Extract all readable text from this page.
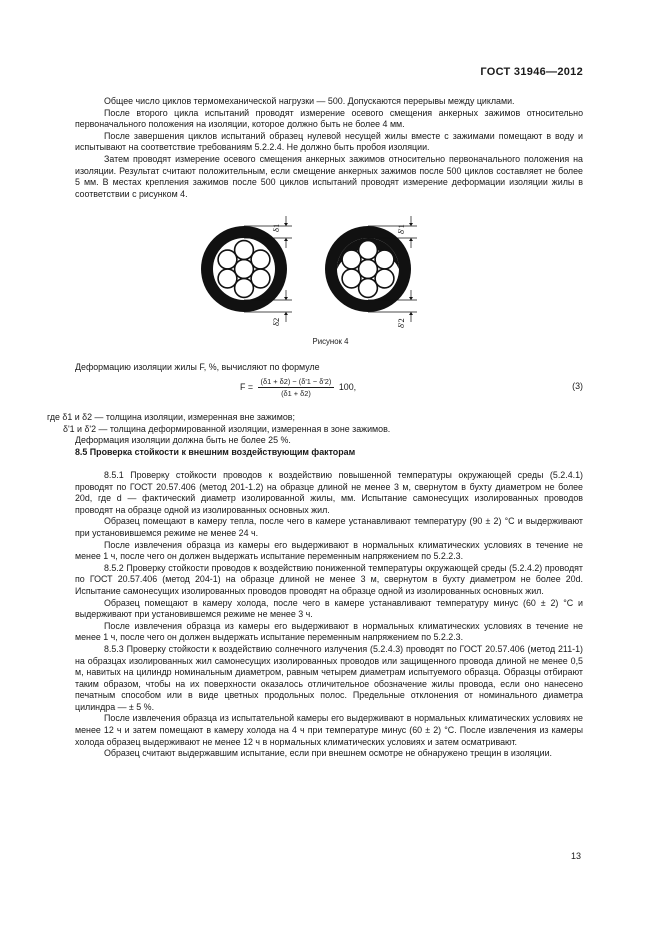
ГОСТ 31946—2012

Общее число циклов термомеханической нагрузки — 500. Допускаются перерывы между циклами.

После второго цикла испытаний проводят измерение осевого смещения анкерных зажимов относительно первоначального положения на изоляции, которое должно быть не более 4 мм.

После завершения циклов испытаний образец нулевой несущей жилы вместе с зажимами помещают в воду и испытывают на соответствие требованиям 5.2.2.4. Не должно быть пробоя изоляции.

Затем проводят измерение осевого смещения анкерных зажимов относительно первоначального положения на изоляции. Результат считают положительным, если смещение анкерных зажимов после 500 циклов составляет не более 5 мм. В местах крепления зажимов после 500 циклов испытаний проводят измерение деформации изоляции жилы в соответствии с рисунком 4.

δ1
δ2
δ'1
δ'2
Рисунок 4
Деформацию изоляции жилы F, %, вычисляют по формуле
$F = \frac{(\delta 1 + \delta 2) - (\delta'1 - \delta'2)}{(\delta 1 + \delta 2)} 100$,	(3)

где δ1 и δ2 — толщина изоляции, измеренная вне зажимов;

δ'1 и δ'2 — толщина деформированной изоляции, измеренная в зоне зажимов.

Деформация изоляции должна быть не более 25 %.

8.5 Проверка стойкости к внешним воздействующим факторам

8.5.1 Проверку стойкости проводов к воздействию повышенной температуры окружающей среды (5.2.4.1) проводят по ГОСТ 20.57.406 (метод 201-1.2) на образце длиной не менее 3 м, свернутом в бухту диаметром не более 20d, где d — фактический диаметр изолированной жилы, мм. Испытание самонесущих изолированных проводов проводят на образце одной из изолированных основных жил.

Образец помещают в камеру тепла, после чего в камере устанавливают температуру (90 ± 2) °С и выдерживают при установившемся режиме не менее 24 ч.

После извлечения образца из камеры его выдерживают в нормальных климатических условиях в течение не менее 1 ч, после чего он должен выдержать испытание переменным напряжением по 5.2.2.3.

8.5.2 Проверку стойкости проводов к воздействию пониженной температуры окружающей среды (5.2.4.2) проводят по ГОСТ 20.57.406 (метод 204-1) на образце длиной не менее 3 м, свернутом в бухту диаметром не более 20d. Испытание самонесущих изолированных проводов проводят на образце одной из изолированных основных жил.

Образец помещают в камеру холода, после чего в камере устанавливают температуру минус (60 ± 2) °С и выдерживают при установившемся режиме не менее 3 ч.

После извлечения образца из камеры его выдерживают в нормальных климатических условиях в течение не менее 1 ч, после чего он должен выдержать испытание переменным напряжением по 5.2.2.3.

8.5.3 Проверку стойкости к воздействию солнечного излучения (5.2.4.3) проводят по ГОСТ 20.57.406 (метод 211-1) на образцах изолированных жил самонесущих изолированных проводов или защищенного провода длиной не менее 0,5 м, навитых на цилиндр номинальным диаметром, равным четырем диаметрам испытуемого образца. Образцы отбирают таким образом, чтобы на их поверхности оказалось отличительное обозначение жилы провода, если оно нанесено печатным способом или в виде цветных продольных полос. Предельные отклонения от номинального диаметра цилиндра — ± 5 %.

После извлечения образца из испытательной камеры его выдерживают в нормальных климатических условиях не менее 12 ч и затем помещают в камеру холода на 4 ч при температуре минус (60 ± 2) °С. После извлечения из камеры холода образец выдерживают не менее 12 ч в нормальных климатических условиях и затем осматривают.

Образец считают выдержавшим испытание, если при внешнем осмотре не обнаружено трещин в изоляции.

13
